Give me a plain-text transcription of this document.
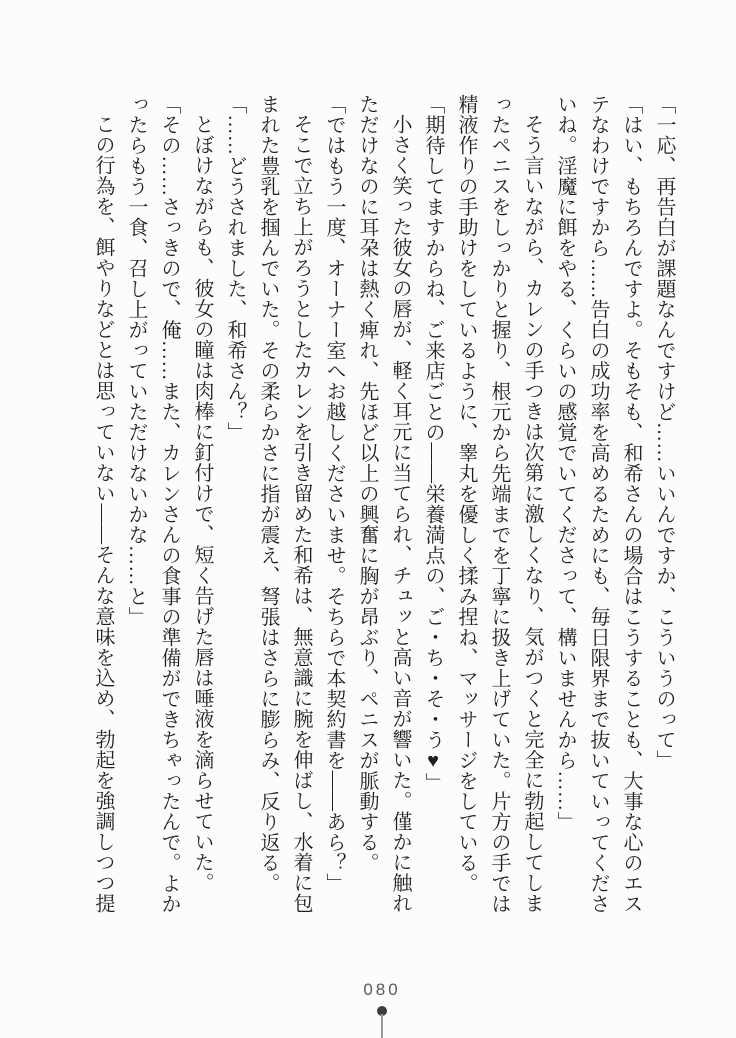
「一応、再告白が課題なんですけど……いいんですか、こういうのって」

「はい、もちろんですよ。そもそも、和希さんの場合はこうすることも、大事な心のエス

テなわけですから……告白の成功率を高めるためにも、毎日限界まで抜いていってくださ

いね。淫魔に餌をやる、くらいの感覚でいてくださって、構いませんから……」

そう言いながら、カレンの手つきは次第に激しくなり、気がつくと完全に勃起してしま

ったペニスをしっかりと握り、根元から先端までを丁寧に扱き上げていた。片方の手では

精液作りの手助けをしているように、睾丸を優しく揉み捏ね、マッサージをしている。

「期待してますからね、ご来店ごとの――栄養満点の、ご・ち・そ・う♥」

小さく笑った彼女の唇が、軽く耳元に当てられ、チュッと高い音が響いた。僅かに触れ

ただけなのに耳朶は熱く痺れ、先ほど以上の興奮に胸が昂ぶり、ペニスが脈動する。

「ではもう一度、オーナー室へお越しくださいませ。そちらで本契約書を――あら？」

そこで立ち上がろうとしたカレンを引き留めた和希は、無意識に腕を伸ばし、水着に包

まれた豊乳を掴んでいた。その柔らかさに指が震え、弩張はさらに膨らみ、反り返る。

「……どうされました、和希さん？」

とぼけながらも、彼女の瞳は肉棒に釘付けで、短く告げた唇は唾液を滴らせていた。

「その……さっきので、俺……また、カレンさんの食事の準備ができちゃったんで。よか

ったらもう一食、召し上がっていただけないかな……と」

この行為を、餌やりなどとは思っていない――そんな意味を込め、勃起を強調しつつ提

080
